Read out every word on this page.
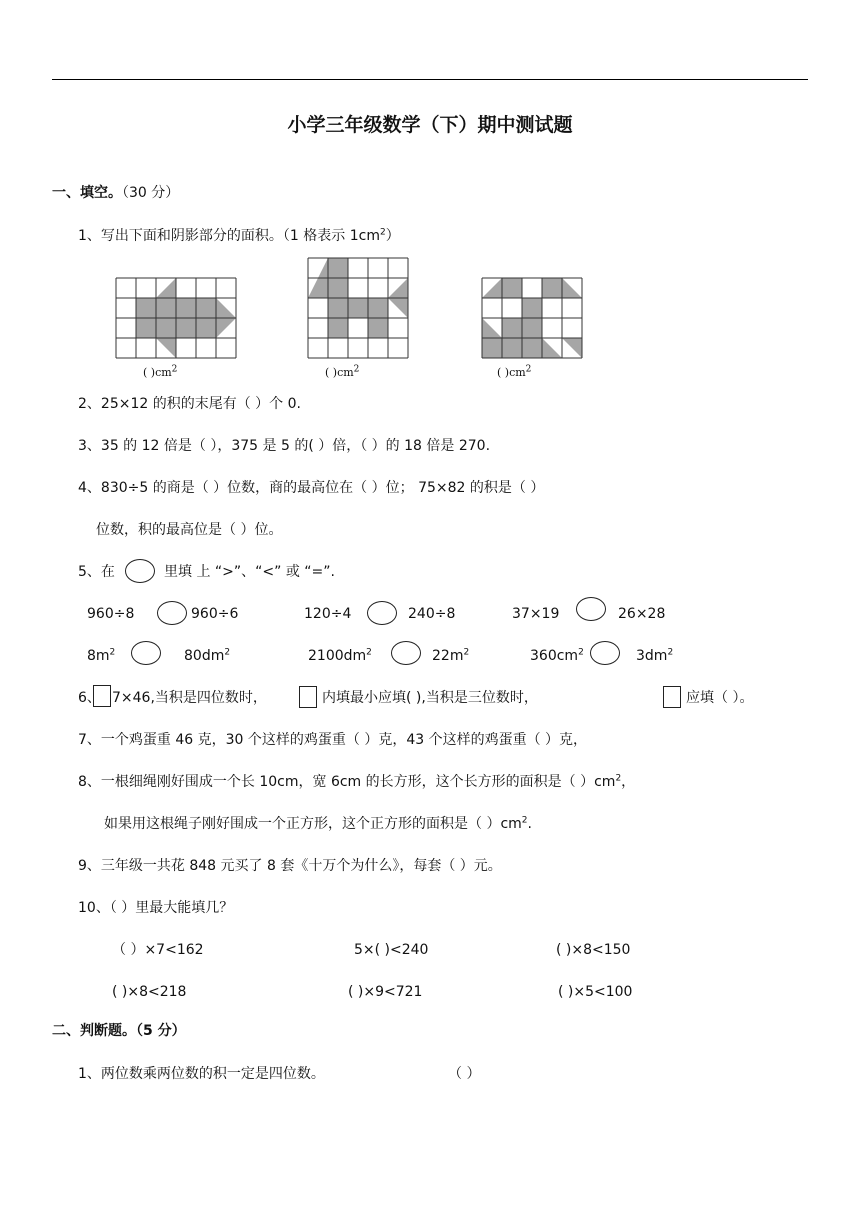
小学三年级数学（下）期中测试题
一、填空。（30 分）
1、写出下面和阴影部分的面积。（1 格表示 $1cm^2$）
( )$cm^2$	( )$cm^2$	( )$cm^2$
2、25×12 的积的末尾有（ ）个 0.
3、35 的 12 倍是（ ），375 是 5 的( ）倍，（ ）的 18 倍是 270.
4、830÷5 的商是（ ）位数，商的最高位在（ ）位； 75×82 的积是（ ）
位数，积的最高位是（ ）位。
5、在	里填 上 “>”、“<” 或 “=”.
960÷8	960÷6	120÷4	240÷8	37×19	26×28
$8m^2$	$80dm^2$	$2100dm^2$	$22m^2$	$360cm^2$	$3dm^2$
6、 7×46,当积是四位数时，	内填最小应填( ),当积是三位数时，	应填（ ）。
7、一个鸡蛋重 46 克，30 个这样的鸡蛋重（ ）克，43 个这样的鸡蛋重（ ）克，
8、一根细绳刚好围成一个长 10cm，宽 6cm 的长方形，这个长方形的面积是（ ）$cm^2$，
如果用这根绳子刚好围成一个正方形，这个正方形的面积是（ ）$cm^2$.
9、三年级一共花 848 元买了 8 套《十万个为什么》，每套（ ）元。
10、（ ）里最大能填几？
（ ）×7<162	5×( )<240	( )×8<150
( )×8<218	( )×9<721	( )×5<100
二、判断题。（5 分）
1、两位数乘两位数的积一定是四位数。	（ ）
